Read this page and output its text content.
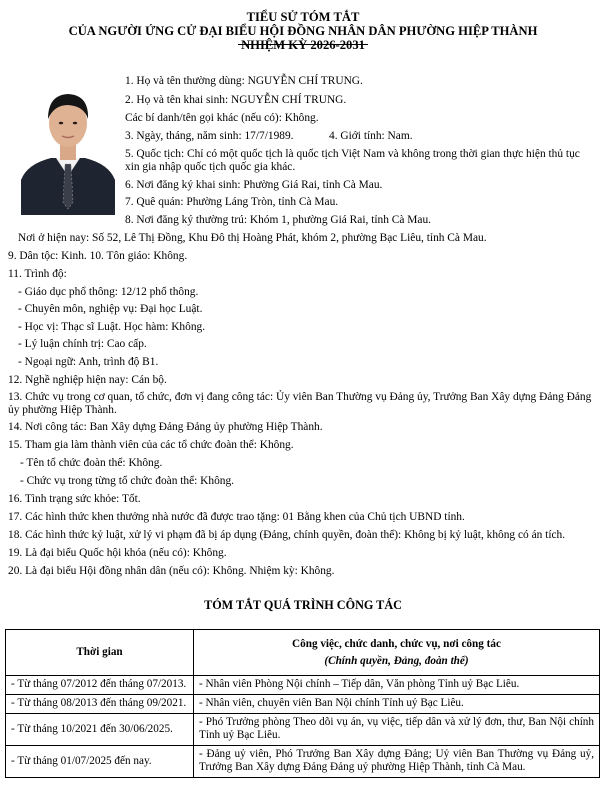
TIỂU SỬ TÓM TẮT
CỦA NGƯỜI ỨNG CỬ ĐẠI BIỂU HỘI ĐỒNG NHÂN DÂN PHƯỜNG HIỆP THÀNH
NHIỆM KỲ 2026-2031
1. Họ và tên thường dùng: NGUYỄN CHÍ TRUNG.
2. Họ và tên khai sinh: NGUYỄN CHÍ TRUNG.
Các bí danh/tên gọi khác (nếu có): Không.
3. Ngày, tháng, năm sinh: 17/7/1989.	4. Giới tính: Nam.
5. Quốc tịch: Chỉ có một quốc tịch là quốc tịch Việt Nam và không trong thời gian thực hiện thủ tục xin gia nhập quốc tịch quốc gia khác.
6. Nơi đăng ký khai sinh: Phường Giá Rai, tỉnh Cà Mau.
7. Quê quán: Phường Láng Tròn, tỉnh Cà Mau.
8. Nơi đăng ký thường trú: Khóm 1, phường Giá Rai, tỉnh Cà Mau.
Nơi ở hiện nay: Số 52, Lê Thị Đồng, Khu Đô thị Hoàng Phát, khóm 2, phường Bạc Liêu, tỉnh Cà Mau.
9. Dân tộc: Kinh. 10. Tôn giáo: Không.
11. Trình độ:
- Giáo dục phổ thông: 12/12 phổ thông.
- Chuyên môn, nghiệp vụ: Đại học Luật.
- Học vị: Thạc sĩ Luật. Học hàm: Không.
- Lý luận chính trị: Cao cấp.
- Ngoại ngữ: Anh, trình độ B1.
12. Nghề nghiệp hiện nay: Cán bộ.
13. Chức vụ trong cơ quan, tổ chức, đơn vị đang công tác: Ủy viên Ban Thường vụ Đảng ủy, Trưởng Ban Xây dựng Đảng Đảng ủy phường Hiệp Thành.
14. Nơi công tác: Ban Xây dựng Đảng Đảng ủy phường Hiệp Thành.
15. Tham gia làm thành viên của các tổ chức đoàn thể: Không.
- Tên tổ chức đoàn thể: Không.
- Chức vụ trong từng tổ chức đoàn thể: Không.
16. Tình trạng sức khỏe: Tốt.
17. Các hình thức khen thưởng nhà nước đã được trao tặng: 01 Bằng khen của Chủ tịch UBND tỉnh.
18. Các hình thức kỷ luật, xử lý vi phạm đã bị áp dụng (Đảng, chính quyền, đoàn thể): Không bị kỷ luật, không có án tích.
19. Là đại biểu Quốc hội khóa (nếu có): Không.
20. Là đại biểu Hội đồng nhân dân (nếu có): Không. Nhiệm kỳ: Không.
TÓM TẮT QUÁ TRÌNH CÔNG TÁC
Thời gian	Công việc, chức danh, chức vụ, nơi công tác
(Chính quyền, Đảng, đoàn thể)

- Từ tháng 07/2012 đến tháng 07/2013.	- Nhân viên Phòng Nội chính – Tiếp dân, Văn phòng Tỉnh uỷ Bạc Liêu.
- Từ tháng 08/2013 đến tháng 09/2021.	- Nhân viên, chuyên viên Ban Nội chính Tỉnh uỷ Bạc Liêu.
- Từ tháng 10/2021 đến 30/06/2025.	- Phó Trưởng phòng Theo dõi vụ án, vụ việc, tiếp dân và xử lý đơn, thư, Ban Nội chính Tỉnh uỷ Bạc Liêu.
- Từ tháng 01/07/2025 đến nay.	- Đảng uỷ viên, Phó Trưởng Ban Xây dựng Đảng; Uỷ viên Ban Thường vụ Đảng uỷ, Trưởng Ban Xây dựng Đảng Đảng uỷ phường Hiệp Thành, tỉnh Cà Mau.
